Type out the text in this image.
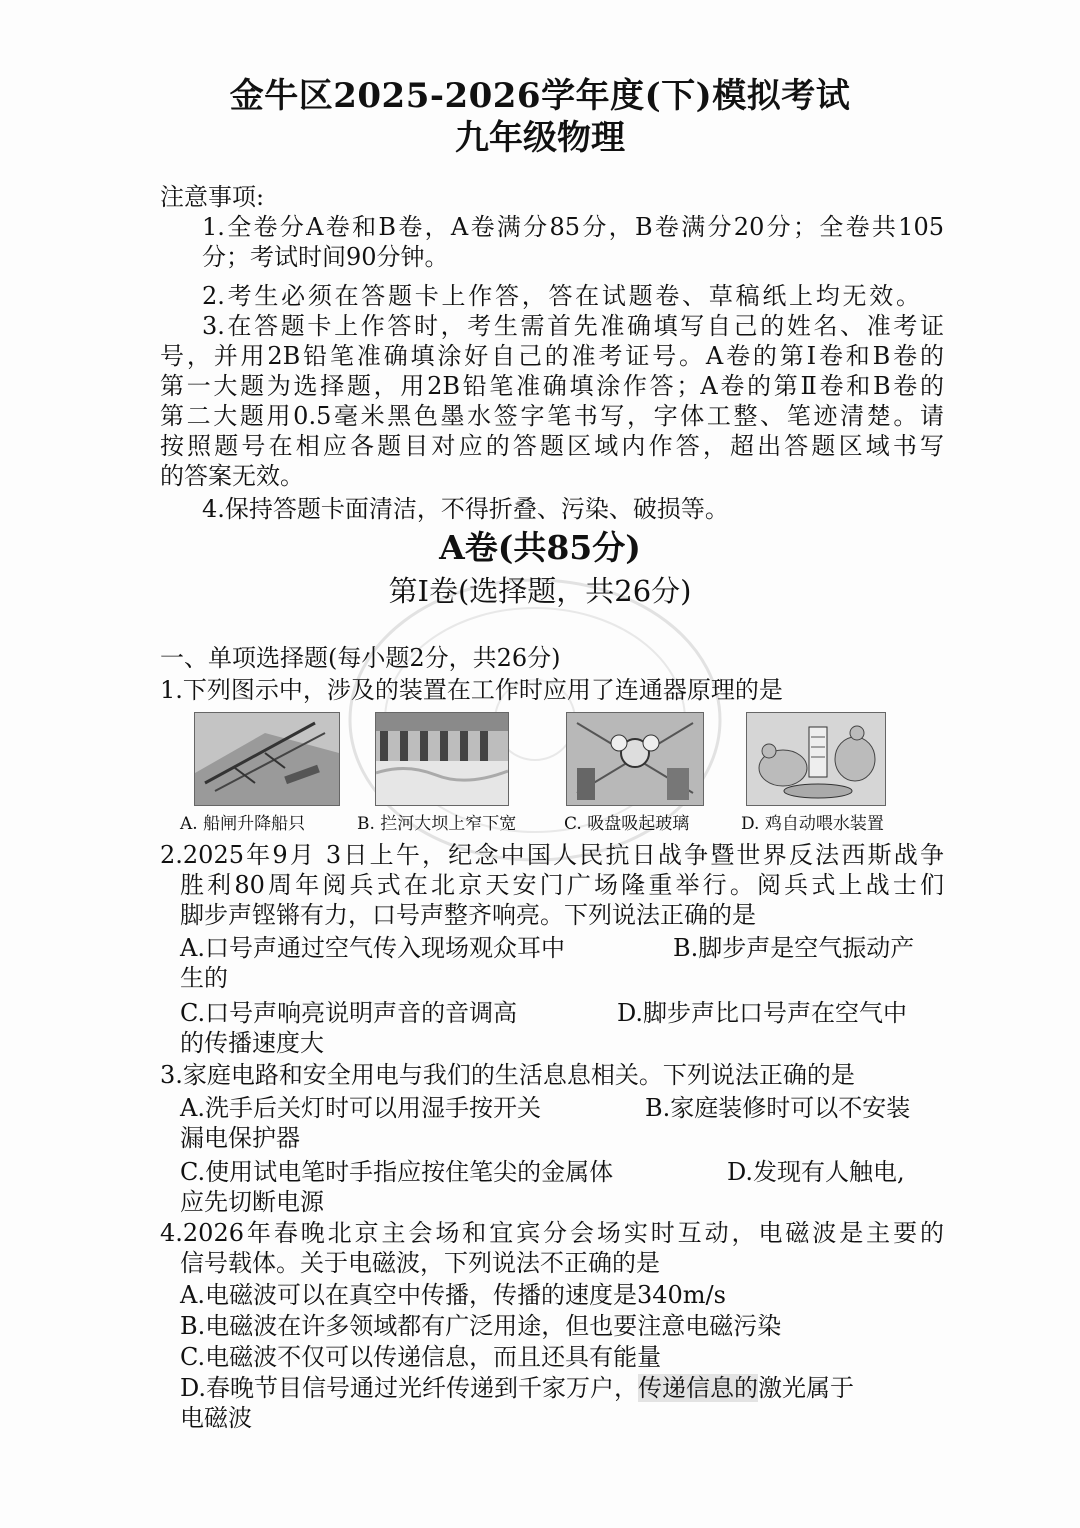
金牛区2025-2026学年度(下)模拟考试
九年级物理
注意事项:
1.全卷分A卷和B卷，A卷满分85分，B卷满分20分；全卷共105
分；考试时间90分钟。
2.考生必须在答题卡上作答，答在试题卷、草稿纸上均无效。
3.在答题卡上作答时，考生需首先准确填写自己的姓名、准考证
号，并用2B铅笔准确填涂好自己的准考证号。A卷的第Ⅰ卷和B卷的
第一大题为选择题，用2B铅笔准确填涂作答；A卷的第Ⅱ卷和B卷的
第二大题用0.5毫米黑色墨水签字笔书写，字体工整、笔迹清楚。请
按照题号在相应各题目对应的答题区域内作答，超出答题区域书写
的答案无效。
4.保持答题卡面清洁，不得折叠、污染、破损等。
A卷(共85分)
第Ⅰ卷(选择题，共26分)
一、单项选择题(每小题2分，共26分)
1.下列图示中，涉及的装置在工作时应用了连通器原理的是
A. 船闸升降船只	B. 拦河大坝上窄下宽	C. 吸盘吸起玻璃	D. 鸡自动喂水装置
2.2025年9月 3日上午，纪念中国人民抗日战争暨世界反法西斯战争
胜利80周年阅兵式在北京天安门广场隆重举行。阅兵式上战士们
脚步声铿锵有力，口号声整齐响亮。下列说法正确的是
A.口号声通过空气传入现场观众耳中	B.脚步声是空气振动产
生的
C.口号声响亮说明声音的音调高	D.脚步声比口号声在空气中
的传播速度大
3.家庭电路和安全用电与我们的生活息息相关。下列说法正确的是
A.洗手后关灯时可以用湿手按开关	B.家庭装修时可以不安装
漏电保护器
C.使用试电笔时手指应按住笔尖的金属体	D.发现有人触电,
应先切断电源
4.2026年春晚北京主会场和宜宾分会场实时互动，电磁波是主要的
信号载体。关于电磁波，下列说法不正确的是
A.电磁波可以在真空中传播，传播的速度是340m/s
B.电磁波在许多领域都有广泛用途，但也要注意电磁污染
C.电磁波不仅可以传递信息，而且还具有能量
D.春晚节目信号通过光纤传递到千家万户，传递信息的激光属于
电磁波
